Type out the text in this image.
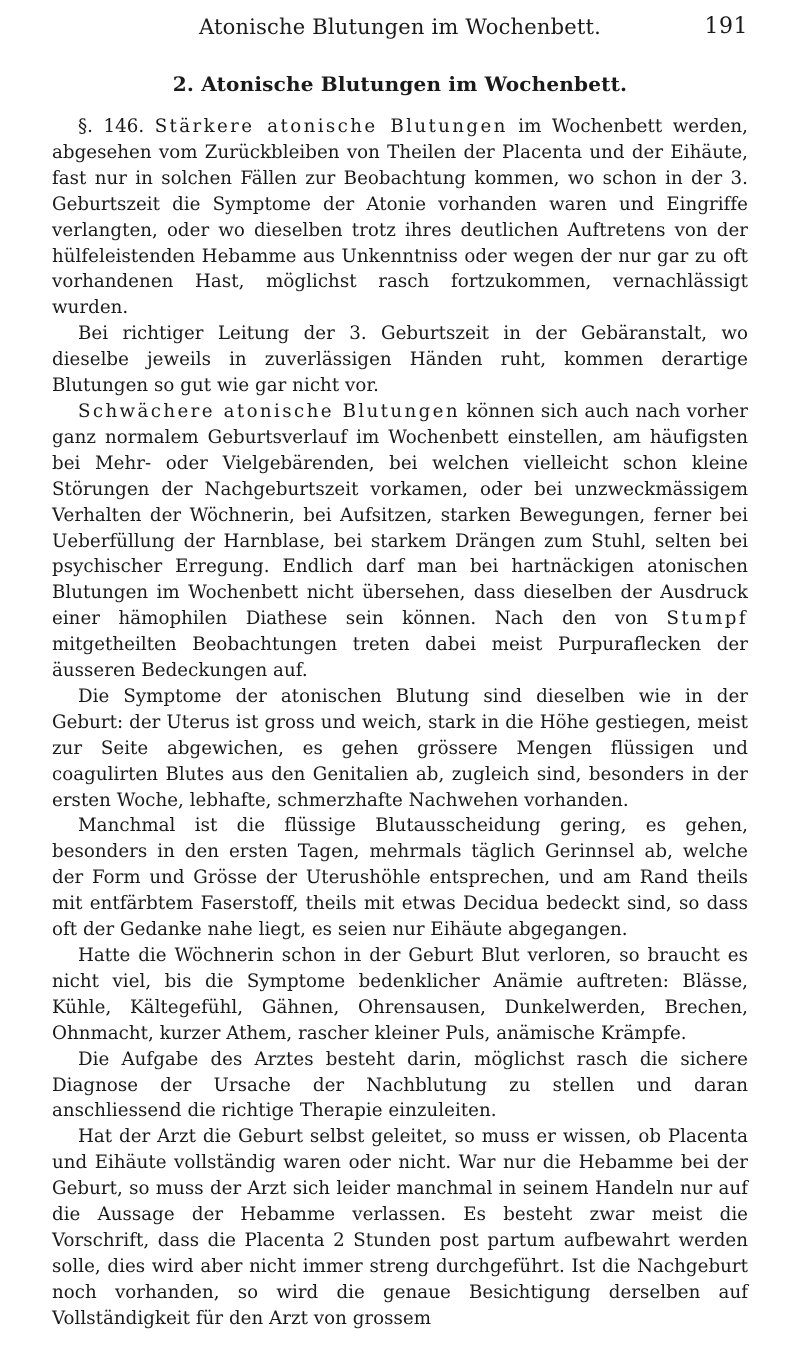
Atonische Blutungen im Wochenbett.	191
2. Atonische Blutungen im Wochenbett.

§. 146. Stärkere atonische Blutungen im Wochenbett werden, abgesehen vom Zurückbleiben von Theilen der Placenta und der Eihäute, fast nur in solchen Fällen zur Beobachtung kommen, wo schon in der 3. Geburtszeit die Symptome der Atonie vorhanden waren und Eingriffe verlangten, oder wo dieselben trotz ihres deutlichen Auftretens von der hülfeleistenden Hebamme aus Unkenntniss oder wegen der nur gar zu oft vorhandenen Hast, möglichst rasch fortzukommen, vernachlässigt wurden.

Bei richtiger Leitung der 3. Geburtszeit in der Gebäranstalt, wo dieselbe jeweils in zuverlässigen Händen ruht, kommen derartige Blutungen so gut wie gar nicht vor.

Schwächere atonische Blutungen können sich auch nach vorher ganz normalem Geburtsverlauf im Wochenbett einstellen, am häufigsten bei Mehr- oder Vielgebärenden, bei welchen vielleicht schon kleine Störungen der Nachgeburtszeit vorkamen, oder bei unzweckmässigem Verhalten der Wöchnerin, bei Aufsitzen, starken Bewegungen, ferner bei Ueberfüllung der Harnblase, bei starkem Drängen zum Stuhl, selten bei psychischer Erregung. Endlich darf man bei hartnäckigen atonischen Blutungen im Wochenbett nicht übersehen, dass dieselben der Ausdruck einer hämophilen Diathese sein können. Nach den von Stumpf mitgetheilten Beobachtungen treten dabei meist Purpuraflecken der äusseren Bedeckungen auf.

Die Symptome der atonischen Blutung sind dieselben wie in der Geburt: der Uterus ist gross und weich, stark in die Höhe gestiegen, meist zur Seite abgewichen, es gehen grössere Mengen flüssigen und coagulirten Blutes aus den Genitalien ab, zugleich sind, besonders in der ersten Woche, lebhafte, schmerzhafte Nachwehen vorhanden.

Manchmal ist die flüssige Blutausscheidung gering, es gehen, besonders in den ersten Tagen, mehrmals täglich Gerinnsel ab, welche der Form und Grösse der Uterushöhle entsprechen, und am Rand theils mit entfärbtem Faserstoff, theils mit etwas Decidua bedeckt sind, so dass oft der Gedanke nahe liegt, es seien nur Eihäute abgegangen.

Hatte die Wöchnerin schon in der Geburt Blut verloren, so braucht es nicht viel, bis die Symptome bedenklicher Anämie auftreten: Blässe, Kühle, Kältegefühl, Gähnen, Ohrensausen, Dunkelwerden, Brechen, Ohnmacht, kurzer Athem, rascher kleiner Puls, anämische Krämpfe.

Die Aufgabe des Arztes besteht darin, möglichst rasch die sichere Diagnose der Ursache der Nachblutung zu stellen und daran anschliessend die richtige Therapie einzuleiten.

Hat der Arzt die Geburt selbst geleitet, so muss er wissen, ob Placenta und Eihäute vollständig waren oder nicht. War nur die Hebamme bei der Geburt, so muss der Arzt sich leider manchmal in seinem Handeln nur auf die Aussage der Hebamme verlassen. Es besteht zwar meist die Vorschrift, dass die Placenta 2 Stunden post partum aufbewahrt werden solle, dies wird aber nicht immer streng durchgeführt. Ist die Nachgeburt noch vorhanden, so wird die genaue Besichtigung derselben auf Vollständigkeit für den Arzt von grossem
